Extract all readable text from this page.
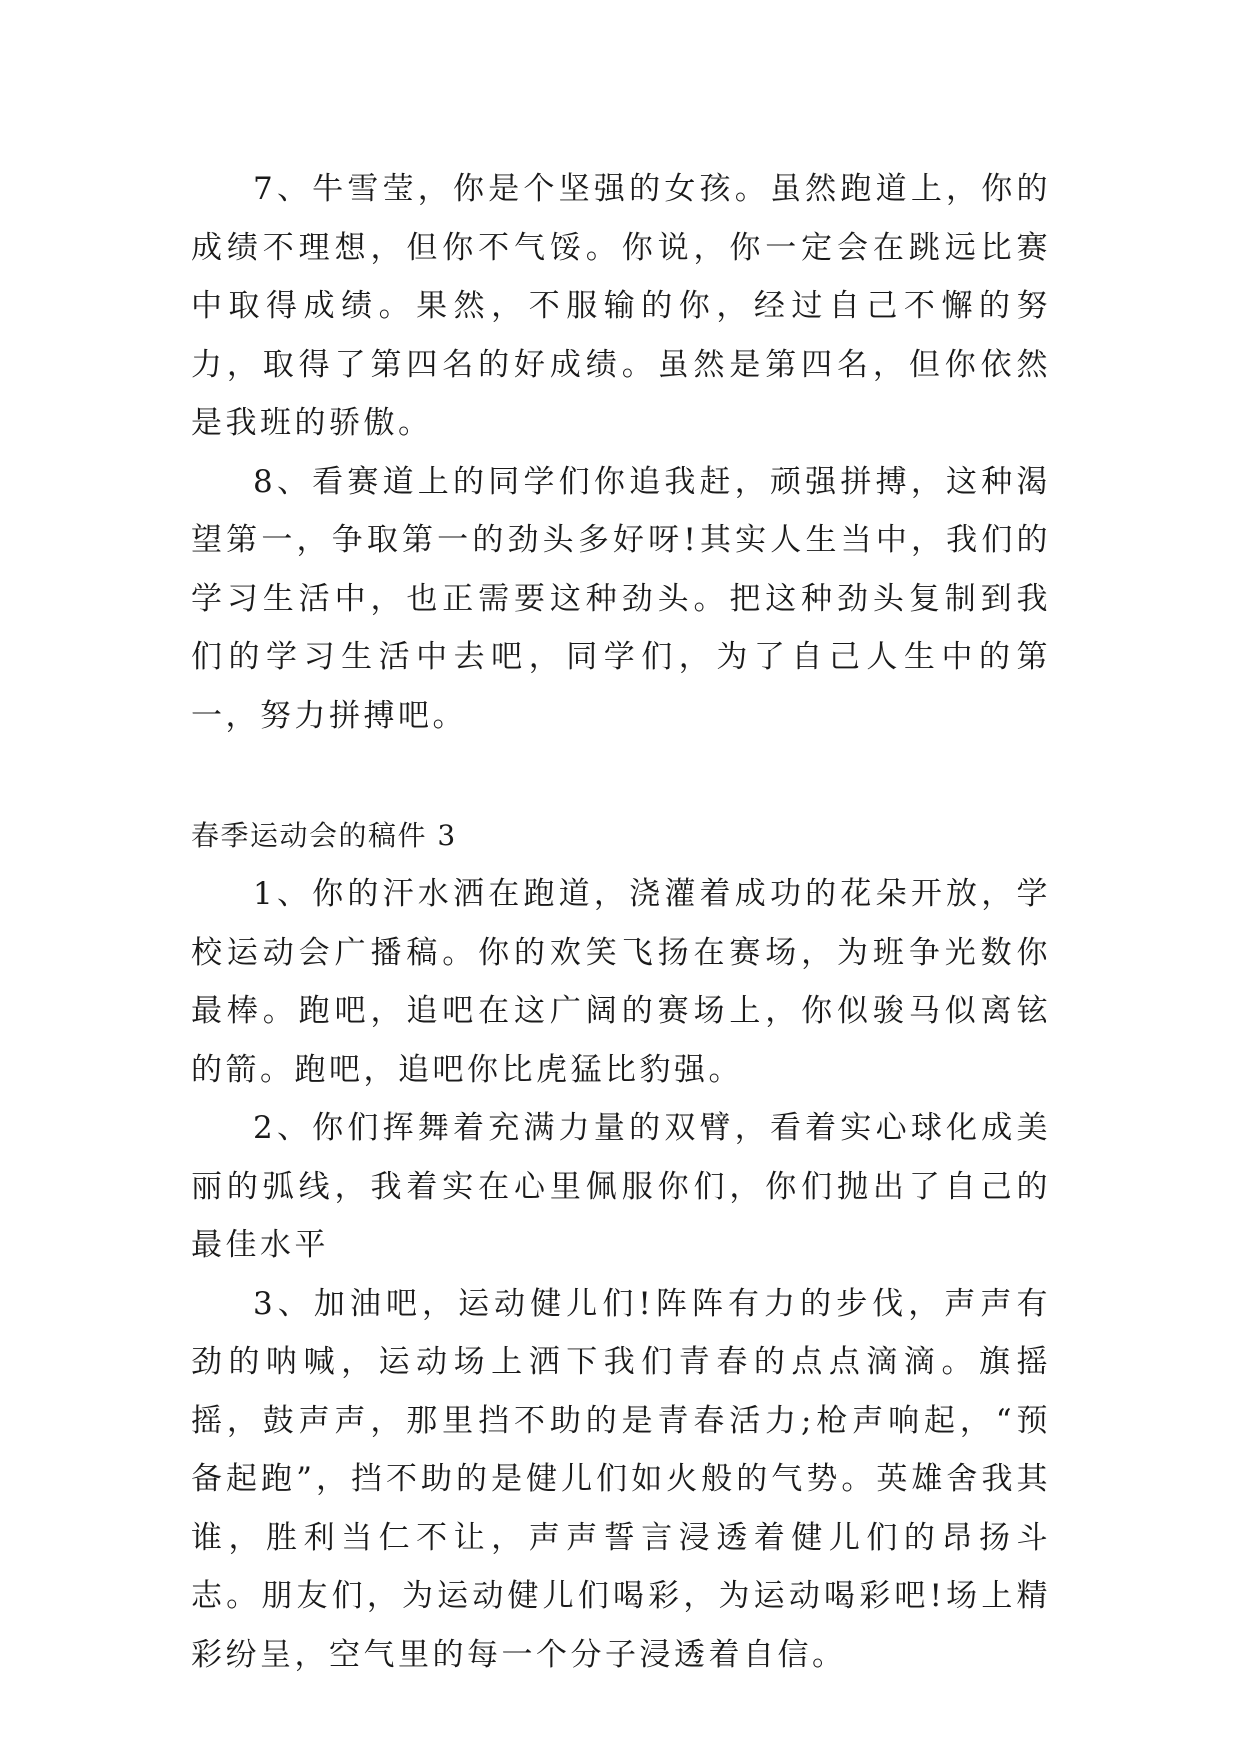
7、牛雪莹，你是个坚强的女孩。虽然跑道上，你的成绩不理想，但你不气馁。你说，你一定会在跳远比赛中取得成绩。果然，不服输的你，经过自己不懈的努力，取得了第四名的好成绩。虽然是第四名，但你依然是我班的骄傲。

8、看赛道上的同学们你追我赶，顽强拼搏，这种渴望第一，争取第一的劲头多好呀!其实人生当中，我们的学习生活中，也正需要这种劲头。把这种劲头复制到我们的学习生活中去吧，同学们，为了自己人生中的第一，努力拼搏吧。

春季运动会的稿件 3

1、你的汗水洒在跑道，浇灌着成功的花朵开放，学校运动会广播稿。你的欢笑飞扬在赛场，为班争光数你最棒。跑吧，追吧在这广阔的赛场上，你似骏马似离铉的箭。跑吧，追吧你比虎猛比豹强。

2、你们挥舞着充满力量的双臂，看着实心球化成美丽的弧线，我着实在心里佩服你们，你们抛出了自己的最佳水平

3、加油吧，运动健儿们!阵阵有力的步伐，声声有劲的呐喊，运动场上洒下我们青春的点点滴滴。旗摇摇，鼓声声，那里挡不助的是青春活力;枪声响起，“预备起跑”，挡不助的是健儿们如火般的气势。英雄舍我其谁，胜利当仁不让，声声誓言浸透着健儿们的昂扬斗志。朋友们，为运动健儿们喝彩，为运动喝彩吧!场上精彩纷呈，空气里的每一个分子浸透着自信。
